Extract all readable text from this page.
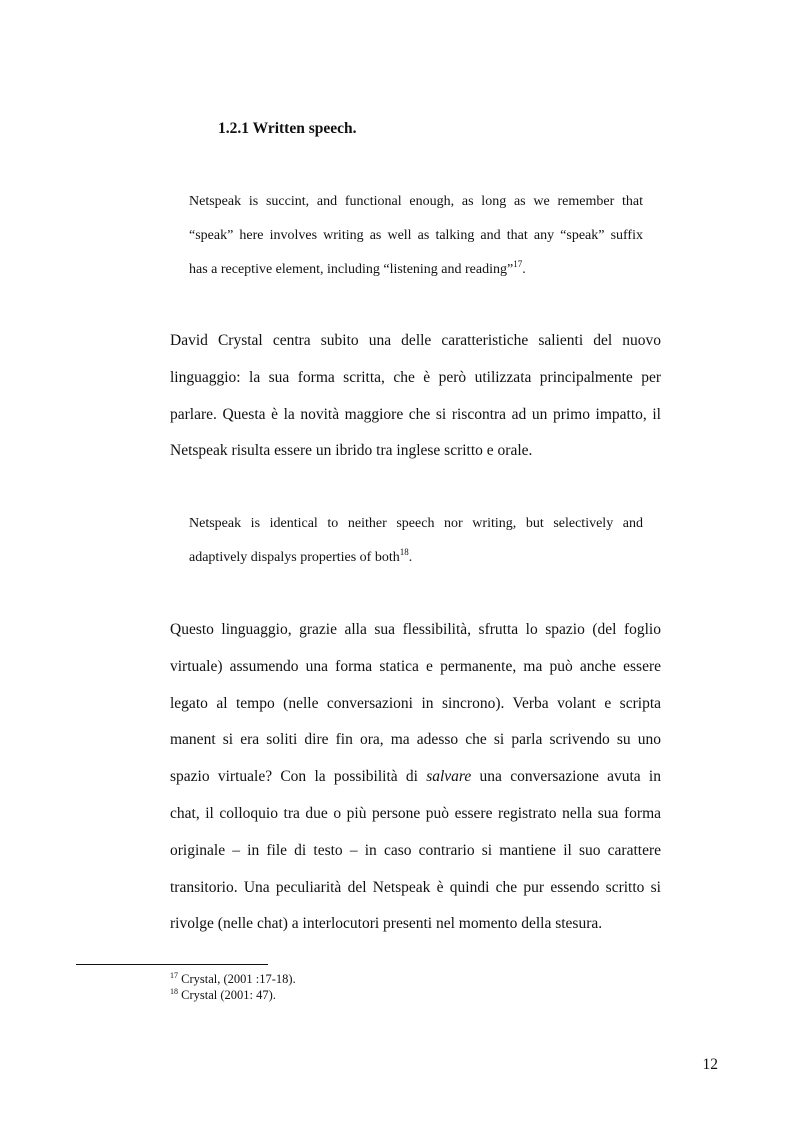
1.2.1 Written speech.
Netspeak is succint, and functional enough, as long as we remember that
“speak” here involves writing as well as talking and that any “speak” suffix
has a receptive element, including “listening and reading”$^{17}$.
David Crystal centra subito una delle caratteristiche salienti del nuovo
linguaggio: la sua forma scritta, che è però utilizzata principalmente per
parlare. Questa è la novità maggiore che si riscontra ad un primo impatto, il
Netspeak risulta essere un ibrido tra inglese scritto e orale.
Netspeak is identical to neither speech nor writing, but selectively and
adaptively dispalys properties of both$^{18}$.
Questo linguaggio, grazie alla sua flessibilità, sfrutta lo spazio (del foglio
virtuale) assumendo una forma statica e permanente, ma può anche essere
legato al tempo (nelle conversazioni in sincrono). Verba volant e scripta
manent si era soliti dire fin ora, ma adesso che si parla scrivendo su uno
spazio virtuale? Con la possibilità di salvare una conversazione avuta in
chat, il colloquio tra due o più persone può essere registrato nella sua forma
originale – in file di testo – in caso contrario si mantiene il suo carattere
transitorio. Una peculiarità del Netspeak è quindi che pur essendo scritto si
rivolge (nelle chat) a interlocutori presenti nel momento della stesura.
$^{17}$ Crystal, (2001 :17-18).
$^{18}$ Crystal (2001: 47).
12
